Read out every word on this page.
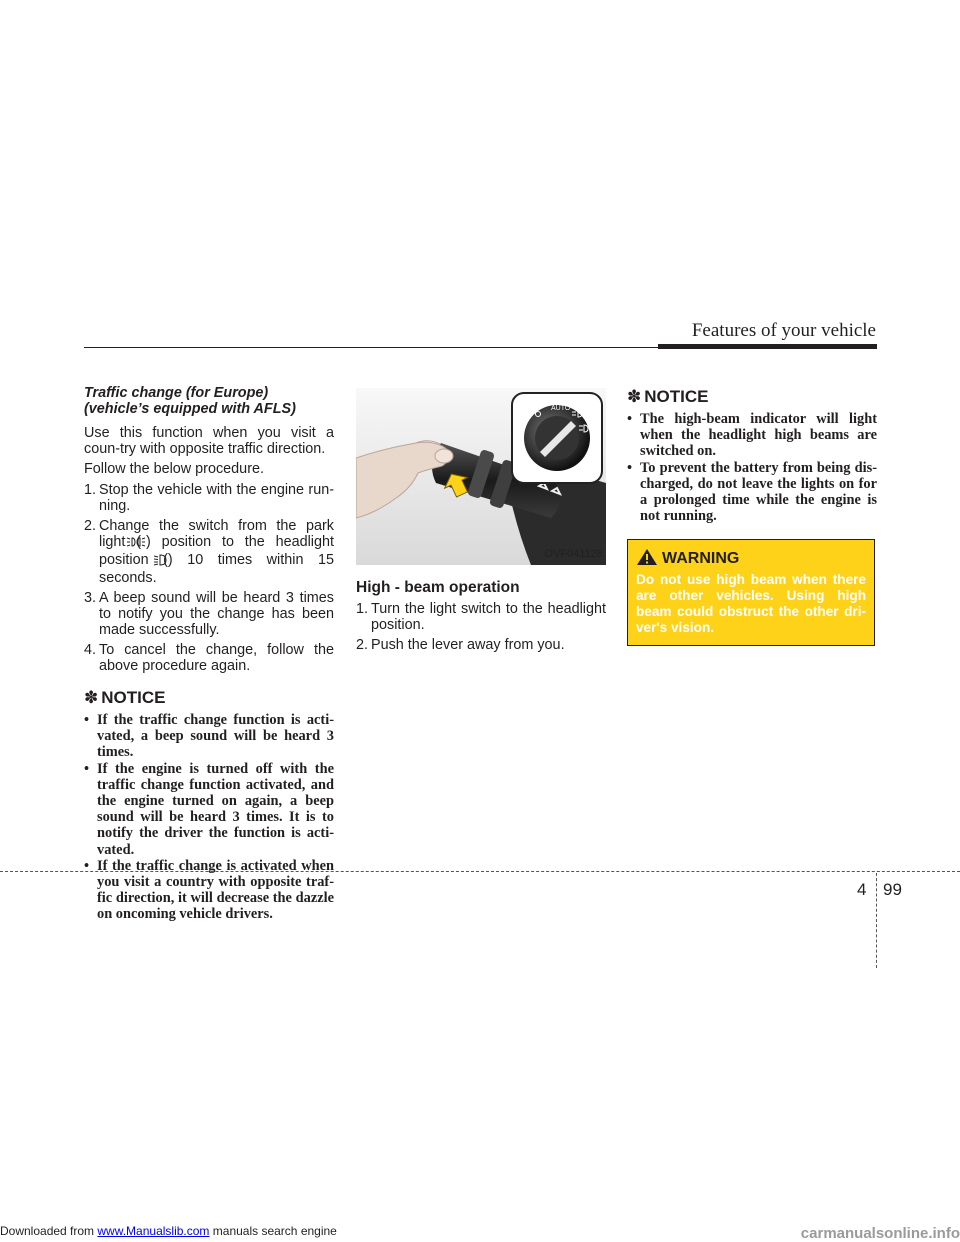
Features of your vehicle
Traffic change (for Europe)
(vehicle’s equipped with AFLS)

Use this function when you visit a coun-try with opposite traffic direction.

Follow the below procedure.

1. Stop the vehicle with the engine run-ning.
2. Change the switch from the park light ( ) position to the headlight position () 10 times within 15 seconds.
3. A beep sound will be heard 3 times to notify you the change has been made successfully.
4. To cancel the change, follow the above procedure again.
✽ NOTICE
• If the traffic change function is acti-vated, a beep sound will be heard 3 times.
• If the engine is turned off with the traffic change function activated, and the engine turned on again, a beep sound will be heard 3 times. It is to notify the driver the function is acti-vated.
• If the traffic change is activated when you visit a country with opposite traf-fic direction, it will decrease the dazzle on oncoming vehicle drivers.
AUTO
OVF041128
High - beam operation
1. Turn the light switch to the headlight position.
2. Push the lever away from you.
✽ NOTICE
• The high-beam indicator will light when the headlight high beams are switched on.
• To prevent the battery from being dis-charged, do not leave the lights on for a prolonged time while the engine is not running.
WARNING
Do not use high beam when there are other vehicles. Using high beam could obstruct the other dri-ver's vision.
4 99
Downloaded from www.Manualslib.com manuals search engine	carmanualsonline.info
